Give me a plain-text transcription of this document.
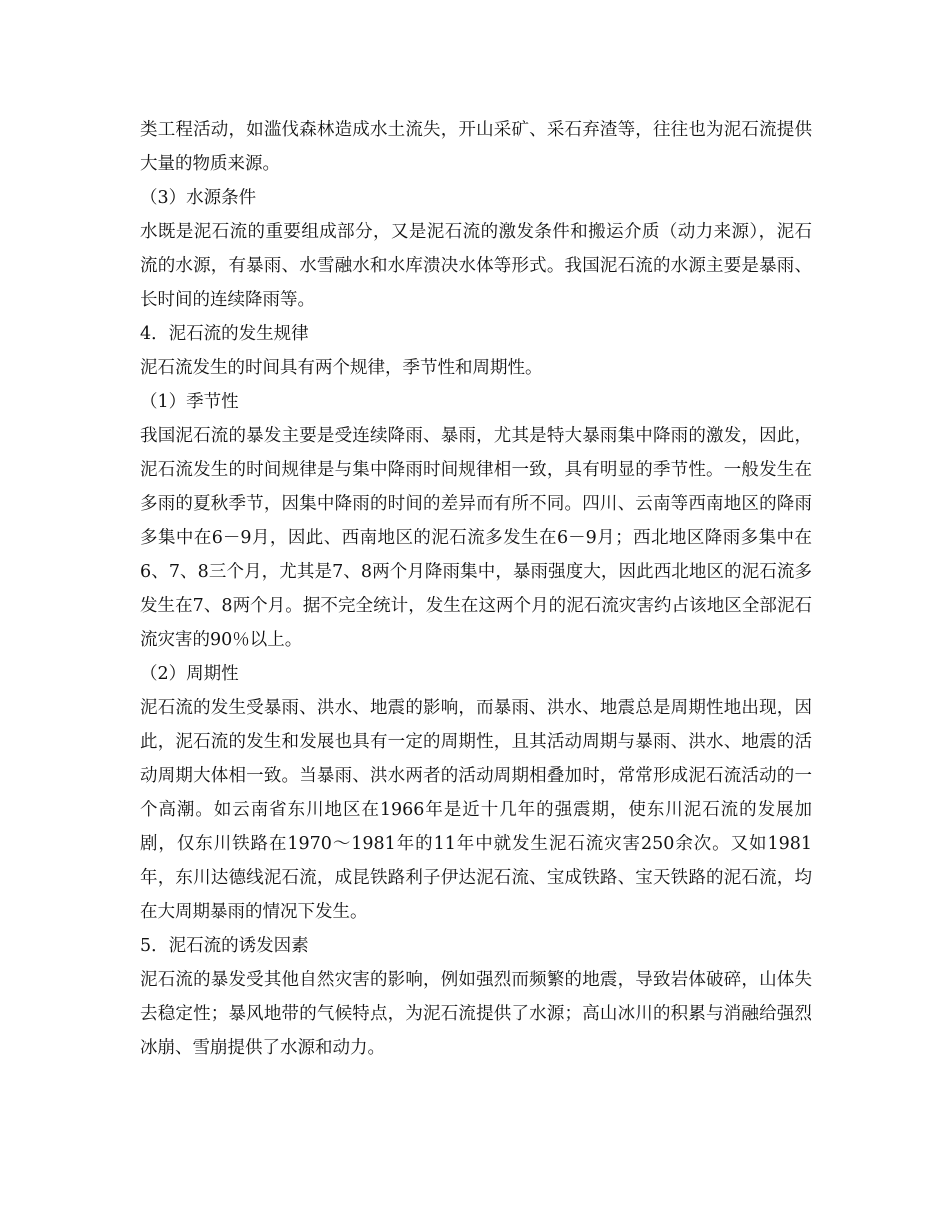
类工程活动，如滥伐森林造成水土流失，开山采矿、采石弃渣等，往往也为泥石流提供大量的物质来源。

（3）水源条件

水既是泥石流的重要组成部分，又是泥石流的激发条件和搬运介质（动力来源），泥石流的水源，有暴雨、水雪融水和水库溃决水体等形式。我国泥石流的水源主要是暴雨、长时间的连续降雨等。

4．泥石流的发生规律

泥石流发生的时间具有两个规律，季节性和周期性。

（1）季节性

我国泥石流的暴发主要是受连续降雨、暴雨，尤其是特大暴雨集中降雨的激发，因此，泥石流发生的时间规律是与集中降雨时间规律相一致，具有明显的季节性。一般发生在多雨的夏秋季节，因集中降雨的时间的差异而有所不同。四川、云南等西南地区的降雨多集中在6－9月，因此、西南地区的泥石流多发生在6－9月；西北地区降雨多集中在6、7、8三个月，尤其是7、8两个月降雨集中，暴雨强度大，因此西北地区的泥石流多发生在7、8两个月。据不完全统计，发生在这两个月的泥石流灾害约占该地区全部泥石流灾害的90％以上。

（2）周期性

泥石流的发生受暴雨、洪水、地震的影响，而暴雨、洪水、地震总是周期性地出现，因此，泥石流的发生和发展也具有一定的周期性，且其活动周期与暴雨、洪水、地震的活动周期大体相一致。当暴雨、洪水两者的活动周期相叠加时，常常形成泥石流活动的一个高潮。如云南省东川地区在1966年是近十几年的强震期，使东川泥石流的发展加剧，仅东川铁路在1970～1981年的11年中就发生泥石流灾害250余次。又如1981年，东川达德线泥石流，成昆铁路利子伊达泥石流、宝成铁路、宝天铁路的泥石流，均在大周期暴雨的情况下发生。

5．泥石流的诱发因素

泥石流的暴发受其他自然灾害的影响，例如强烈而频繁的地震，导致岩体破碎，山体失去稳定性；暴风地带的气候特点，为泥石流提供了水源；高山冰川的积累与消融给强烈冰崩、雪崩提供了水源和动力。
